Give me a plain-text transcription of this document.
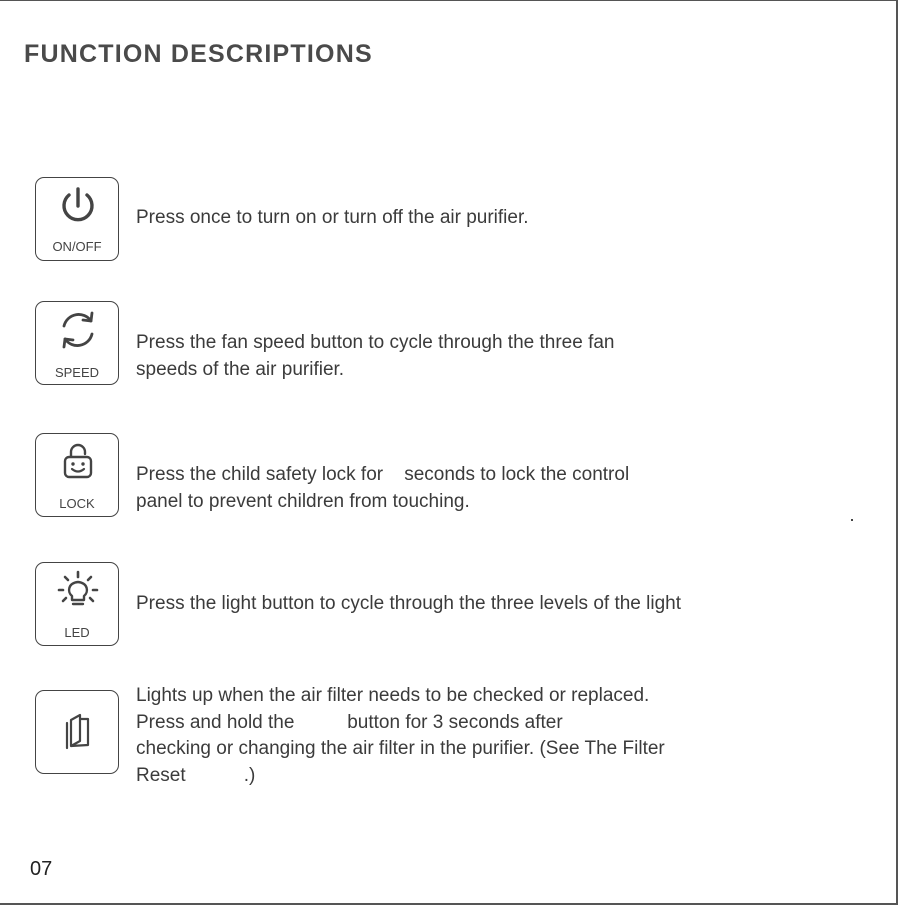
FUNCTION DESCRIPTIONS
ON/OFF

Press once to turn on or turn off the air purifier.

SPEED

Press the fan speed button to cycle through the three fan
speeds of the air purifier.

LOCK

Press the child safety lock for    seconds to lock the control
panel to prevent children from touching.

LED

Press the light button to cycle through the three levels of the light

Lights up when the air filter needs to be checked or replaced.
Press and hold the          button for 3 seconds after
checking or changing the air filter in the purifier. (See The Filter
Reset           .)

07
